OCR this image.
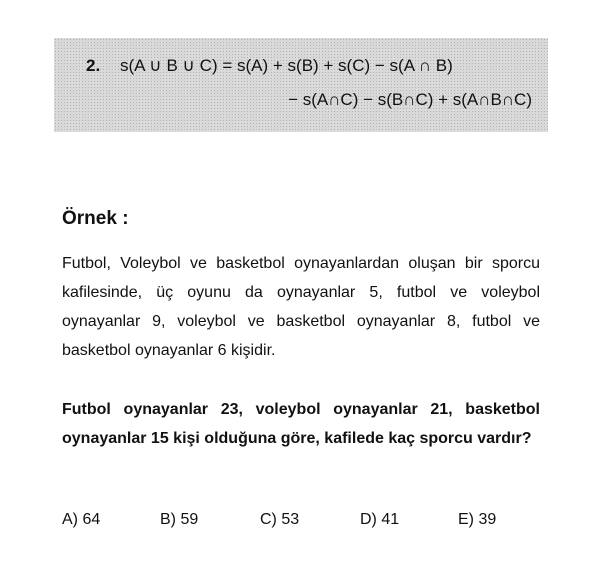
2. s(A ∪ B ∪ C) = s(A) + s(B) + s(C) − s(A ∩ B)
− s(A∩C) − s(B∩C) + s(A∩B∩C)
Örnek :
Futbol, Voleybol ve basketbol oynayanlardan oluşan bir sporcu kafilesinde, üç oyunu da oynayanlar 5, futbol ve voleybol oynayanlar 9, voleybol ve basketbol oynayanlar 8, futbol ve basketbol oynayanlar 6 kişidir.
Futbol oynayanlar 23, voleybol oynayanlar 21, basketbol oynayanlar 15 kişi olduğuna göre, kafilede kaç sporcu vardır?
A) 64	B) 59	C) 53	D) 41	E) 39
